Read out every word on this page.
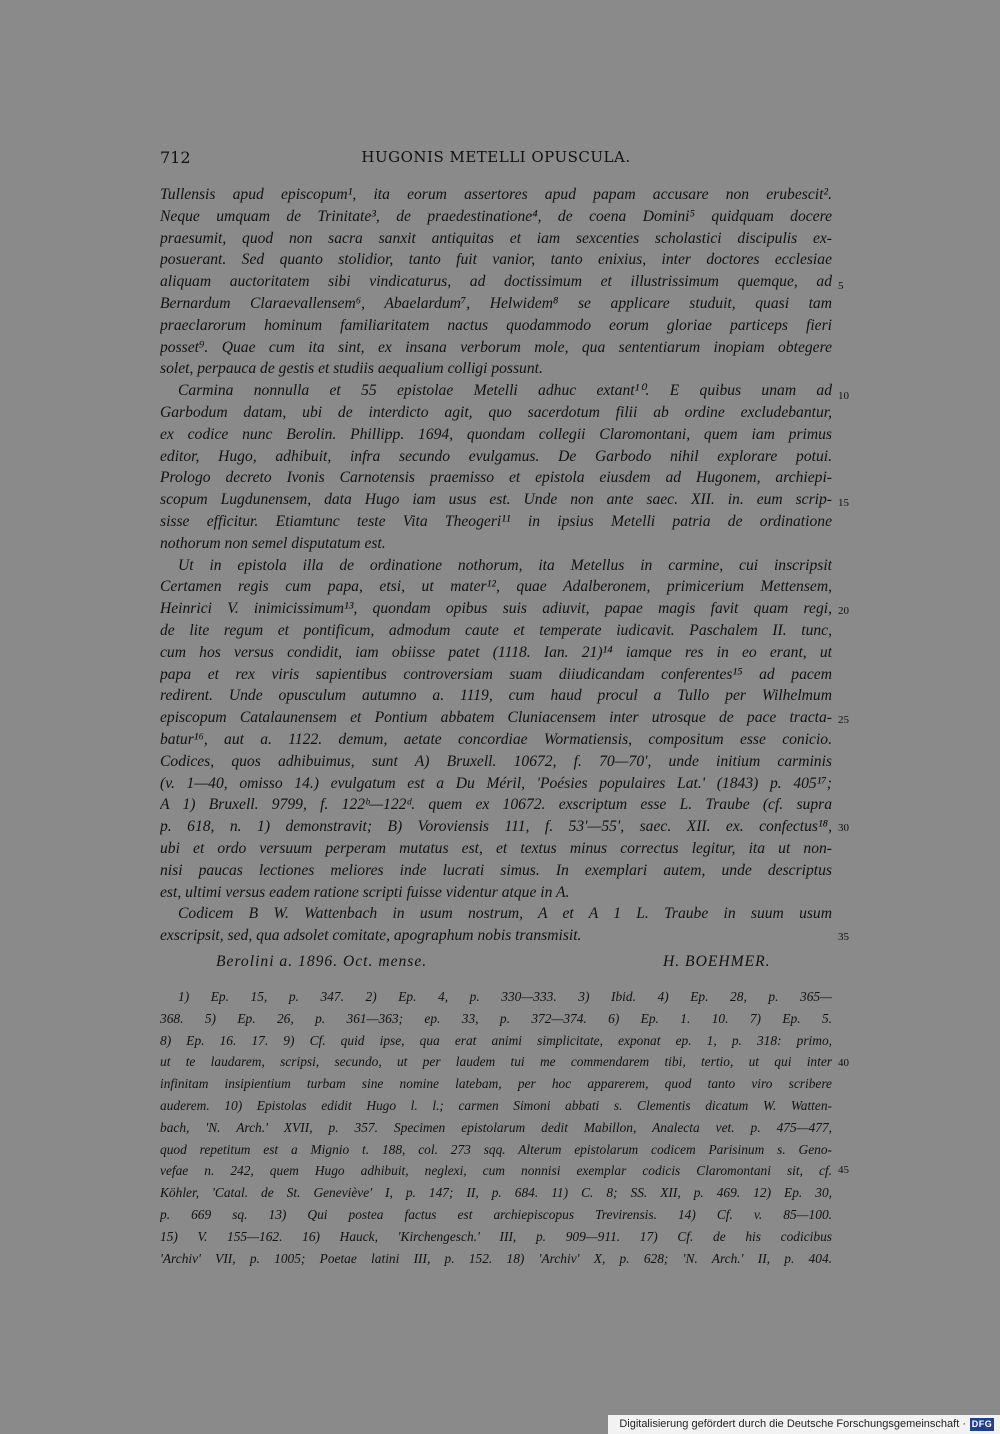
712	HUGONIS METELLI OPUSCULA.
Tullensis apud episcopum¹, ita eorum assertores apud papam accusare non erubescit².
Neque umquam de Trinitate³, de praedestinatione⁴, de coena Domini⁵ quidquam docere
praesumit, quod non sacra sanxit antiquitas et iam sexcenties scholastici discipulis ex-
posuerant. Sed quanto stolidior, tanto fuit vanior, tanto enixius, inter doctores ecclesiae
aliquam auctoritatem sibi vindicaturus, ad doctissimum et illustrissimum quemque, ad
Bernardum Claraevallensem⁶, Abaelardum⁷, Helwidem⁸ se applicare studuit, quasi tam
praeclarorum hominum familiaritatem nactus quodammodo eorum gloriae particeps fieri
posset⁹. Quae cum ita sint, ex insana verborum mole, qua sententiarum inopiam obtegere
solet, perpauca de gestis et studiis aequalium colligi possunt.
Carmina nonnulla et 55 epistolae Metelli adhuc extant¹⁰. E quibus unam ad
Garbodum datam, ubi de interdicto agit, quo sacerdotum filii ab ordine excludebantur,
ex codice nunc Berolin. Phillipp. 1694, quondam collegii Claromontani, quem iam primus
editor, Hugo, adhibuit, infra secundo evulgamus. De Garbodo nihil explorare potui.
Prologo decreto Ivonis Carnotensis praemisso et epistola eiusdem ad Hugonem, archiepi-
scopum Lugdunensem, data Hugo iam usus est. Unde non ante saec. XII. in. eum scrip-
sisse efficitur. Etiamtunc teste Vita Theogeri¹¹ in ipsius Metelli patria de ordinatione
nothorum non semel disputatum est.
Ut in epistola illa de ordinatione nothorum, ita Metellus in carmine, cui inscripsit
Certamen regis cum papa, etsi, ut mater¹², quae Adalberonem, primicerium Mettensem,
Heinrici V. inimicissimum¹³, quondam opibus suis adiuvit, papae magis favit quam regi,
de lite regum et pontificum, admodum caute et temperate iudicavit. Paschalem II. tunc,
cum hos versus condidit, iam obiisse patet (1118. Ian. 21)¹⁴ iamque res in eo erant, ut
papa et rex viris sapientibus controversiam suam diiudicandam conferentes¹⁵ ad pacem
redirent. Unde opusculum autumno a. 1119, cum haud procul a Tullo per Wilhelmum
episcopum Catalaunensem et Pontium abbatem Cluniacensem inter utrosque de pace tracta-
batur¹⁶, aut a. 1122. demum, aetate concordiae Wormatiensis, compositum esse conicio.
Codices, quos adhibuimus, sunt A) Bruxell. 10672, f. 70—70', unde initium carminis
(v. 1—40, omisso 14.) evulgatum est a Du Méril, 'Poésies populaires Lat.' (1843) p. 405¹⁷;
A 1) Bruxell. 9799, f. 122ᵇ—122ᵈ. quem ex 10672. exscriptum esse L. Traube (cf. supra
p. 618, n. 1) demonstravit; B) Voroviensis 111, f. 53'—55', saec. XII. ex. confectus¹⁸,
ubi et ordo versuum perperam mutatus est, et textus minus correctus legitur, ita ut non-
nisi paucas lectiones meliores inde lucrati simus. In exemplari autem, unde descriptus
est, ultimi versus eadem ratione scripti fuisse videntur atque in A.
Codicem B W. Wattenbach in usum nostrum, A et A 1 L. Traube in suum usum
exscripsit, sed, qua adsolet comitate, apographum nobis transmisit.
Berolini a. 1896. Oct. mense.	H. BOEHMER.
1) Ep. 15, p. 347. 2) Ep. 4, p. 330—333. 3) Ibid. 4) Ep. 28, p. 365—
368. 5) Ep. 26, p. 361—363; ep. 33, p. 372—374. 6) Ep. 1. 10. 7) Ep. 5.
8) Ep. 16. 17. 9) Cf. quid ipse, qua erat animi simplicitate, exponat ep. 1, p. 318: primo,
ut te laudarem, scripsi, secundo, ut per laudem tui me commendarem tibi, tertio, ut qui inter
infinitam insipientium turbam sine nomine latebam, per hoc apparerem, quod tanto viro scribere
auderem. 10) Epistolas edidit Hugo l. l.; carmen Simoni abbati s. Clementis dicatum W. Watten-
bach, 'N. Arch.' XVII, p. 357. Specimen epistolarum dedit Mabillon, Analecta vet. p. 475—477,
quod repetitum est a Mignio t. 188, col. 273 sqq. Alterum epistolarum codicem Parisinum s. Geno-
vefae n. 242, quem Hugo adhibuit, neglexi, cum nonnisi exemplar codicis Claromontani sit, cf.
Köhler, 'Catal. de St. Geneviève' I, p. 147; II, p. 684. 11) C. 8; SS. XII, p. 469. 12) Ep. 30,
p. 669 sq. 13) Qui postea factus est archiepiscopus Trevirensis. 14) Cf. v. 85—100.
15) V. 155—162. 16) Hauck, 'Kirchengesch.' III, p. 909—911. 17) Cf. de his codicibus
'Archiv' VII, p. 1005; Poetae latini III, p. 152. 18) 'Archiv' X, p. 628; 'N. Arch.' II, p. 404.
5
10
15
20
25
30
35
40
45
Digitalisierung gefördert durch die Deutsche Forschungsgemeinschaft · DFG
